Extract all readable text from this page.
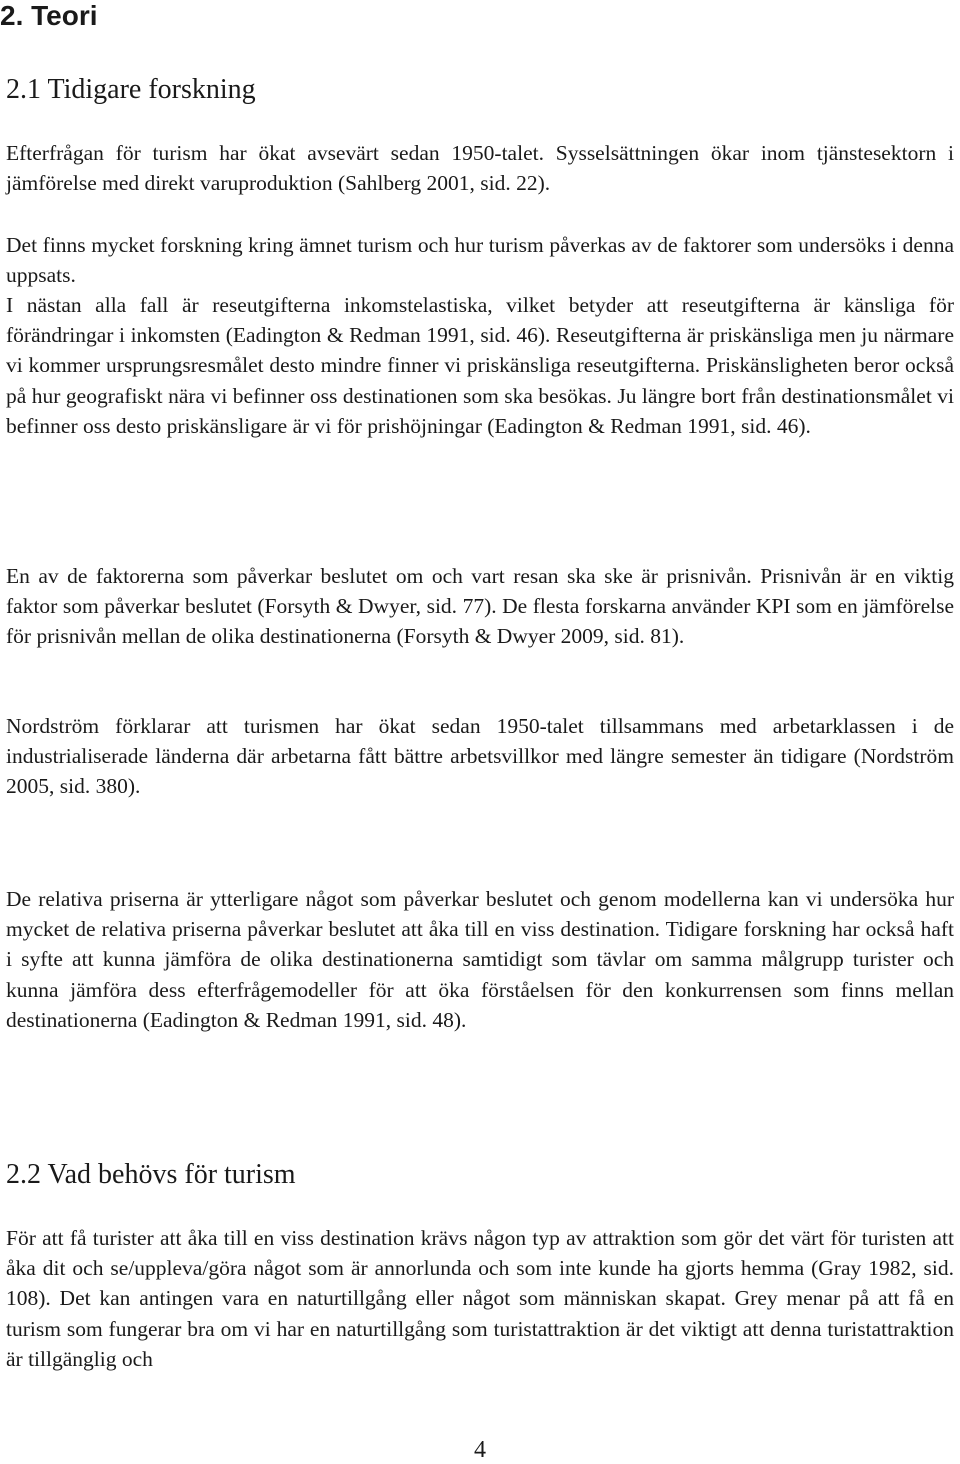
2. Teori
2.1 Tidigare forskning

Efterfrågan för turism har ökat avsevärt sedan 1950-talet. Sysselsättningen ökar inom tjänstesektorn i jämförelse med direkt varuproduktion (Sahlberg 2001, sid. 22).

Det finns mycket forskning kring ämnet turism och hur turism påverkas av de faktorer som undersöks i denna uppsats.

I nästan alla fall är reseutgifterna inkomstelastiska, vilket betyder att reseutgifterna är känsliga för förändringar i inkomsten (Eadington & Redman 1991, sid. 46). Reseutgifterna är priskänsliga men ju närmare vi kommer ursprungsresmålet desto mindre finner vi priskänsliga reseutgifterna. Priskänsligheten beror också på hur geografiskt nära vi befinner oss destinationen som ska besökas. Ju längre bort från destinationsmålet vi befinner oss desto priskänsligare är vi för prishöjningar (Eadington & Redman 1991, sid. 46).

En av de faktorerna som påverkar beslutet om och vart resan ska ske är prisnivån. Prisnivån är en viktig faktor som påverkar beslutet (Forsyth & Dwyer, sid. 77). De flesta forskarna använder KPI som en jämförelse för prisnivån mellan de olika destinationerna (Forsyth & Dwyer 2009, sid. 81).

Nordström förklarar att turismen har ökat sedan 1950-talet tillsammans med arbetarklassen i de industrialiserade länderna där arbetarna fått bättre arbetsvillkor med längre semester än tidigare (Nordström 2005, sid. 380).

De relativa priserna är ytterligare något som påverkar beslutet och genom modellerna kan vi undersöka hur mycket de relativa priserna påverkar beslutet att åka till en viss destination. Tidigare forskning har också haft i syfte att kunna jämföra de olika destinationerna samtidigt som tävlar om samma målgrupp turister och kunna jämföra dess efterfrågemodeller för att öka förståelsen för den konkurrensen som finns mellan destinationerna (Eadington & Redman 1991, sid. 48).

2.2 Vad behövs för turism

För att få turister att åka till en viss destination krävs någon typ av attraktion som gör det värt för turisten att åka dit och se/uppleva/göra något som är annorlunda och som inte kunde ha gjorts hemma (Gray 1982, sid. 108). Det kan antingen vara en naturtillgång eller något som människan skapat. Grey menar på att få en turism som fungerar bra om vi har en naturtillgång som turistattraktion är det viktigt att denna turistattraktion är tillgänglig och

4
